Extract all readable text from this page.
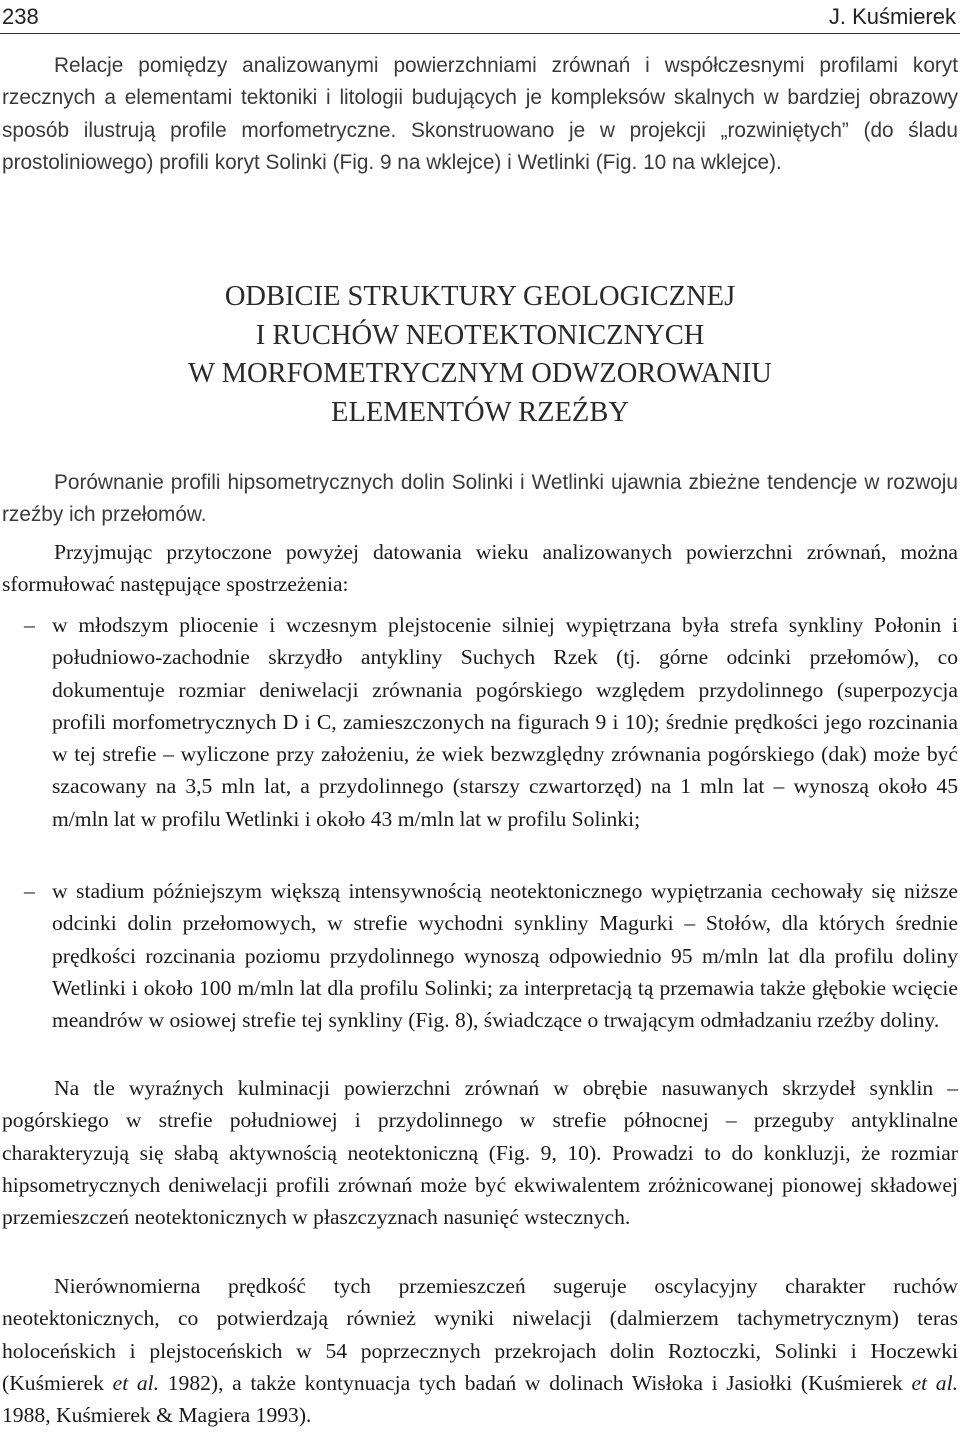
238	J. Kuśmierek

Relacje pomiędzy analizowanymi powierzchniami zrównań i współczesnymi profilami koryt rzecznych a elementami tektoniki i litologii budujących je kompleksów skalnych w bardziej obrazowy sposób ilustrują profile morfometryczne. Skonstruowano je w projekcji „rozwiniętych” (do śladu prostoliniowego) profili koryt Solinki (Fig. 9 na wklejce) i Wetlinki (Fig. 10 na wklejce).

ODBICIE STRUKTURY GEOLOGICZNEJ
I RUCHÓW NEOTEKTONICZNYCH
W MORFOMETRYCZNYM ODWZOROWANIU
ELEMENTÓW RZEŹBY

Porównanie profili hipsometrycznych dolin Solinki i Wetlinki ujawnia zbieżne tendencje w rozwoju rzeźby ich przełomów.

Przyjmując przytoczone powyżej datowania wieku analizowanych powierzchni zrównań, można sformułować następujące spostrzeżenia:

– w młodszym pliocenie i wczesnym plejstocenie silniej wypiętrzana była strefa synkliny Połonin i południowo-zachodnie skrzydło antykliny Suchych Rzek (tj. górne odcinki przełomów), co dokumentuje rozmiar deniwelacji zrównania pogórskiego względem przydolinnego (superpozycja profili morfometrycznych D i C, zamieszczonych na figurach 9 i 10); średnie prędkości jego rozcinania w tej strefie – wyliczone przy założeniu, że wiek bezwzględny zrównania pogórskiego (dak) może być szacowany na 3,5 mln lat, a przydolinnego (starszy czwartorzęd) na 1 mln lat – wynoszą około 45 m/mln lat w profilu Wetlinki i około 43 m/mln lat w profilu Solinki;
– w stadium późniejszym większą intensywnością neotektonicznego wypiętrzania cechowały się niższe odcinki dolin przełomowych, w strefie wychodni synkliny Magurki – Stołów, dla których średnie prędkości rozcinania poziomu przydolinnego wynoszą odpowiednio 95 m/mln lat dla profilu doliny Wetlinki i około 100 m/mln lat dla profilu Solinki; za interpretacją tą przemawia także głębokie wcięcie meandrów w osiowej strefie tej synkliny (Fig. 8), świadczące o trwającym odmładzaniu rzeźby doliny.

Na tle wyraźnych kulminacji powierzchni zrównań w obrębie nasuwanych skrzydeł synklin – pogórskiego w strefie południowej i przydolinnego w strefie północnej – przeguby antyklinalne charakteryzują się słabą aktywnością neotektoniczną (Fig. 9, 10). Prowadzi to do konkluzji, że rozmiar hipsometrycznych deniwelacji profili zrównań może być ekwiwalentem zróżnicowanej pionowej składowej przemieszczeń neotektonicznych w płaszczyznach nasunięć wstecznych.

Nierównomierna prędkość tych przemieszczeń sugeruje oscylacyjny charakter ruchów neotektonicznych, co potwierdzają również wyniki niwelacji (dalmierzem tachymetrycznym) teras holoceńskich i plejstoceńskich w 54 poprzecznych przekrojach dolin Roztoczki, Solinki i Hoczewki (Kuśmierek et al. 1982), a także kontynuacja tych badań w dolinach Wisłoka i Jasiołki (Kuśmierek et al. 1988, Kuśmierek & Magiera 1993).
